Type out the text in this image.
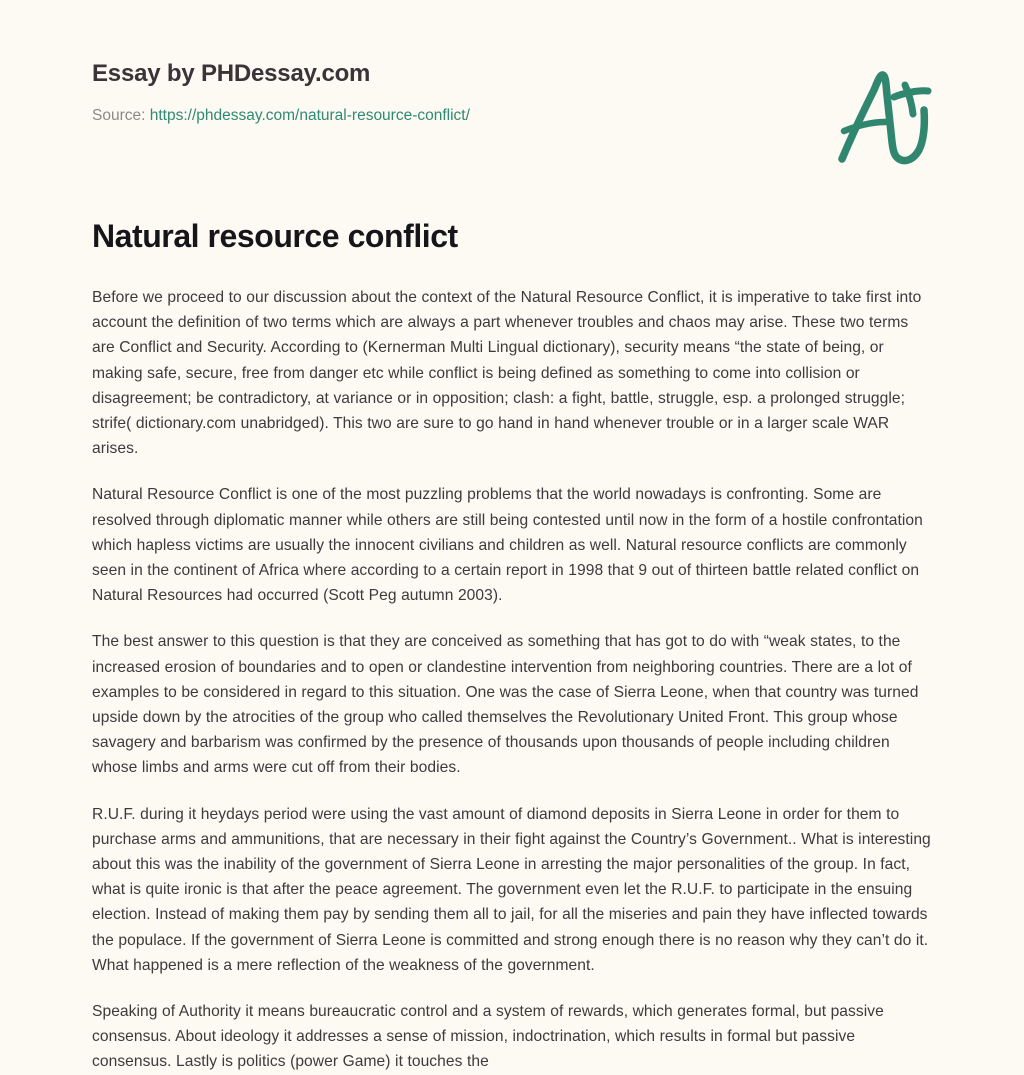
Essay by PHDessay.com

Source: https://phdessay.com/natural-resource-conflict/

Natural resource conflict

Before we proceed to our discussion about the context of the Natural Resource Conflict, it is imperative to take first into account the definition of two terms which are always a part whenever troubles and chaos may arise. These two terms are Conflict and Security. According to (Kernerman Multi Lingual dictionary), security means “the state of being, or making safe, secure, free from danger etc while conflict is being defined as something to come into collision or disagreement; be contradictory, at variance or in opposition; clash: a fight, battle, struggle, esp. a prolonged struggle; strife( dictionary.com unabridged). This two are sure to go hand in hand whenever trouble or in a larger scale WAR arises.

Natural Resource Conflict is one of the most puzzling problems that the world nowadays is confronting. Some are resolved through diplomatic manner while others are still being contested until now in the form of a hostile confrontation which hapless victims are usually the innocent civilians and children as well. Natural resource conflicts are commonly seen in the continent of Africa where according to a certain report in 1998 that 9 out of thirteen battle related conflict on Natural Resources had occurred (Scott Peg autumn 2003).

The best answer to this question is that they are conceived as something that has got to do with “weak states, to the increased erosion of boundaries and to open or clandestine intervention from neighboring countries. There are a lot of examples to be considered in regard to this situation. One was the case of Sierra Leone, when that country was turned upside down by the atrocities of the group who called themselves the Revolutionary United Front. This group whose savagery and barbarism was confirmed by the presence of thousands upon thousands of people including children whose limbs and arms were cut off from their bodies.

R.U.F. during it heydays period were using the vast amount of diamond deposits in Sierra Leone in order for them to purchase arms and ammunitions, that are necessary in their fight against the Country’s Government.. What is interesting about this was the inability of the government of Sierra Leone in arresting the major personalities of the group. In fact, what is quite ironic is that after the peace agreement. The government even let the R.U.F. to participate in the ensuing election. Instead of making them pay by sending them all to jail, for all the miseries and pain they have inflected towards the populace. If the government of Sierra Leone is committed and strong enough there is no reason why they can’t do it. What happened is a mere reflection of the weakness of the government.

Speaking of Authority it means bureaucratic control and a system of rewards, which generates formal, but passive consensus. About ideology it addresses a sense of mission, indoctrination, which results in formal but passive consensus. Lastly is politics (power Game) it touches the
